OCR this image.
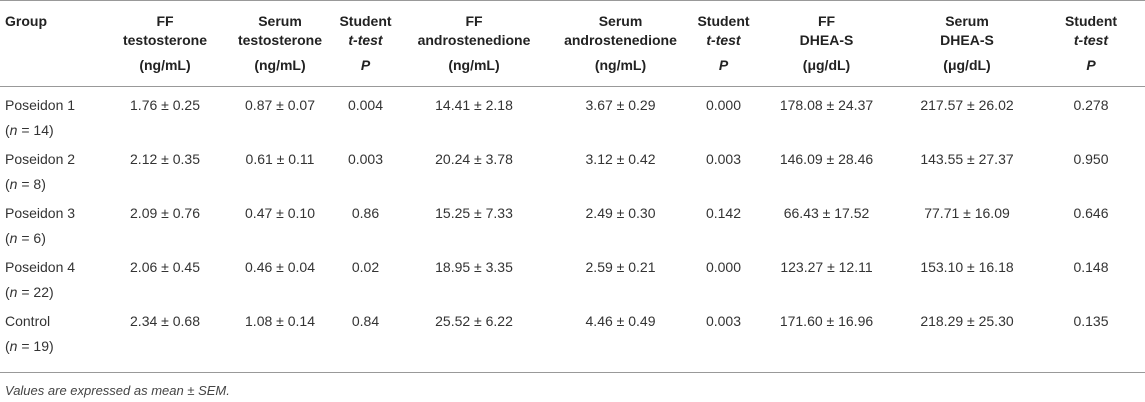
Group	FF
testosterone
(ng/mL)	Serum
testosterone
(ng/mL)	Student
t-test
P	FF
androstenedione
(ng/mL)	Serum
androstenedione
(ng/mL)	Student
t-test
P	FF
DHEA-S
(μg/dL)	Serum
DHEA-S
(μg/dL)	Student
t-test
P

Poseidon 1
(n = 14)	1.76 ± 0.25	0.87 ± 0.07	0.004	14.41 ± 2.18	3.67 ± 0.29	0.000	178.08 ± 24.37	217.57 ± 26.02	0.278

Poseidon 2
(n = 8)	2.12 ± 0.35	0.61 ± 0.11	0.003	20.24 ± 3.78	3.12 ± 0.42	0.003	146.09 ± 28.46	143.55 ± 27.37	0.950

Poseidon 3
(n = 6)	2.09 ± 0.76	0.47 ± 0.10	0.86	15.25 ± 7.33	2.49 ± 0.30	0.142	66.43 ± 17.52	77.71 ± 16.09	0.646

Poseidon 4
(n = 22)	2.06 ± 0.45	0.46 ± 0.04	0.02	18.95 ± 3.35	2.59 ± 0.21	0.000	123.27 ± 12.11	153.10 ± 16.18	0.148

Control
(n = 19)	2.34 ± 0.68	1.08 ± 0.14	0.84	25.52 ± 6.22	4.46 ± 0.49	0.003	171.60 ± 16.96	218.29 ± 25.30	0.135
Values are expressed as mean ± SEM.
